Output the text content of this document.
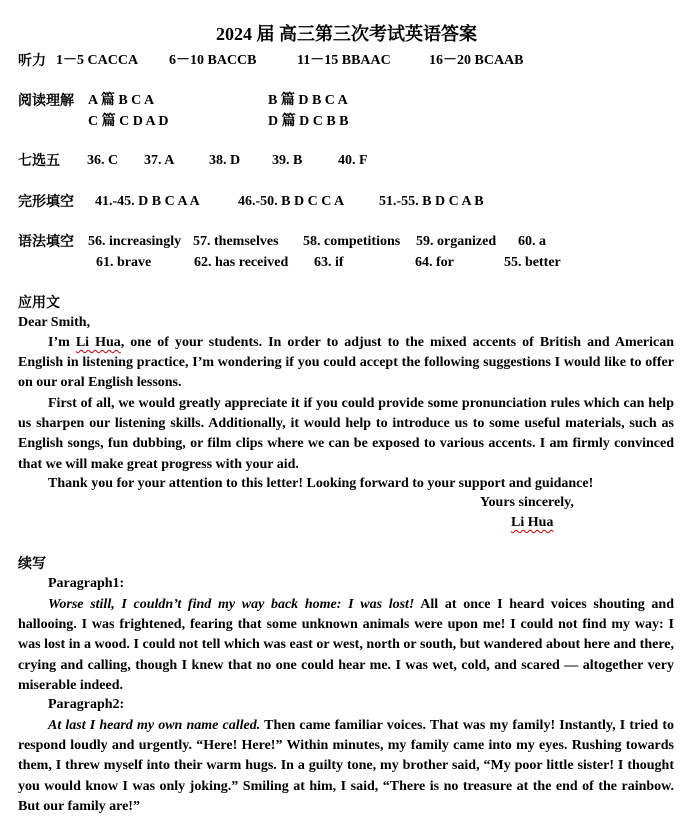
2024 届 高三第三次考试英语答案
听力 1－5 CACCA 6－10 BACCB	11－15 BBAAC	16－20 BCAAB
阅读理解 A 篇 B C A	B 篇 D B C A
C 篇 C D A D	D 篇 D C B B
七选五 36. C 37. A 38. D 39. B	40. F
完形填空 41.-45. D B C A A	46.-50. B D C C A 51.-55. B D C A B
语法填空 56. increasingly 57. themselves 58. competitions 59. organized 60. a
61. brave	62. has received 63. if	64. for	55. better
应用文
Dear Smith,
I’m Li Hua, one of your students. In order to adjust to the mixed accents of British and American English in listening practice, I’m wondering if you could accept the following suggestions I would like to offer on our oral English lessons.
First of all, we would greatly appreciate it if you could provide some pronunciation rules which can help us sharpen our listening skills. Additionally, it would help to introduce us to some useful materials, such as English songs, fun dubbing, or film clips where we can be exposed to various accents. I am firmly convinced that we will make great progress with your aid.
Thank you for your attention to this letter! Looking forward to your support and guidance!
Yours sincerely,
Li Hua
续写
Paragraph1:
Worse still, I couldn’t find my way back home: I was lost! All at once I heard voices shouting and hallooing. I was frightened, fearing that some unknown animals were upon me! I could not find my way: I was lost in a wood. I could not tell which was east or west, north or south, but wandered about here and there, crying and calling, though I knew that no one could hear me. I was wet, cold, and scared — altogether very miserable indeed.
Paragraph2:
At last I heard my own name called. Then came familiar voices. That was my family! Instantly, I tried to respond loudly and urgently. “Here! Here!” Within minutes, my family came into my eyes. Rushing towards them, I threw myself into their warm hugs. In a guilty tone, my brother said, “My poor little sister! I thought you would know I was only joking.” Smiling at him, I said, “There is no treasure at the end of the rainbow. But our family are!”
